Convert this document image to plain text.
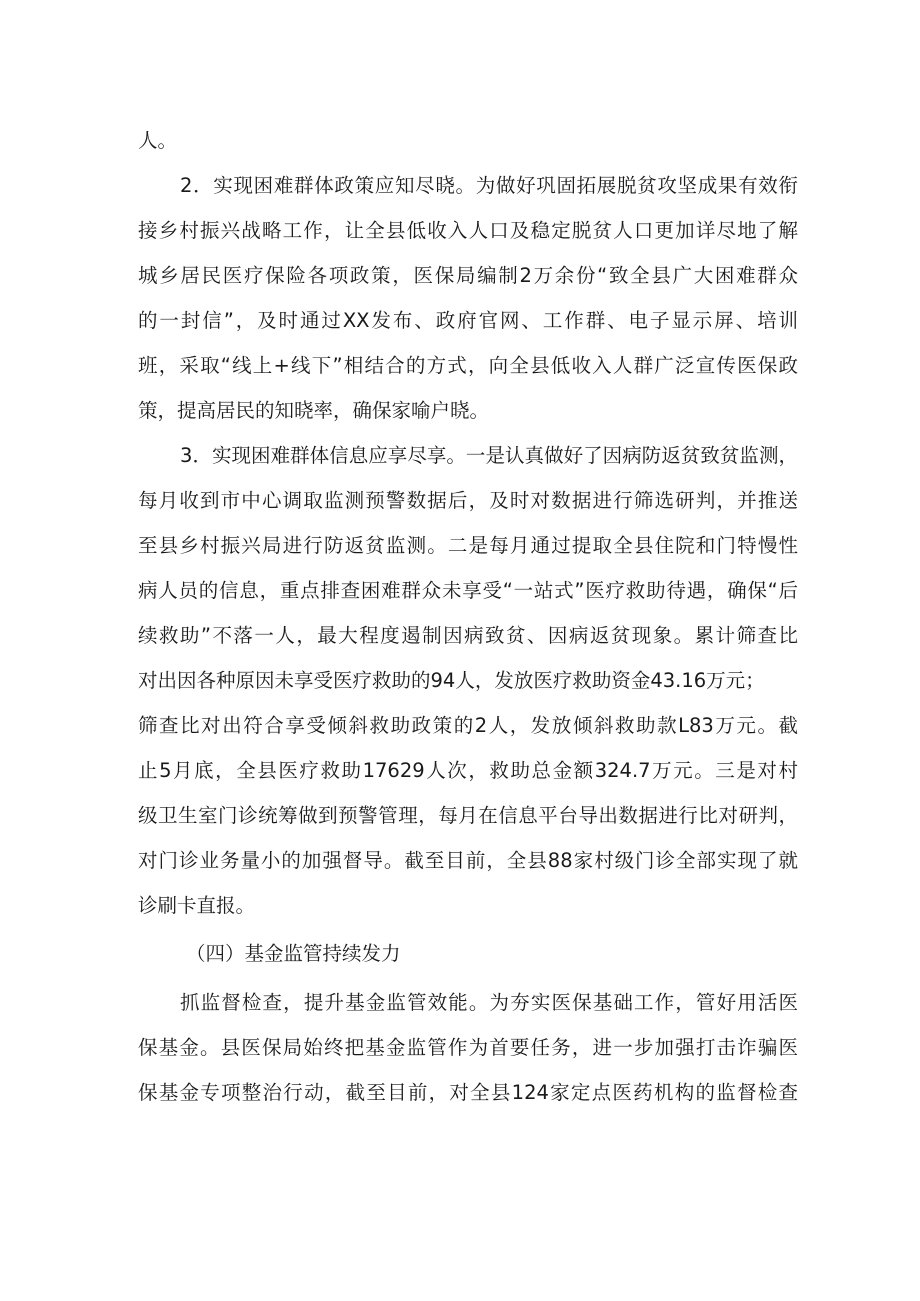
人。
2．实现困难群体政策应知尽晓。为做好巩固拓展脱贫攻坚成果有效衔
接乡村振兴战略工作，让全县低收入人口及稳定脱贫人口更加详尽地了解
城乡居民医疗保险各项政策，医保局编制2万余份“致全县广大困难群众
的一封信”，及时通过XX发布、政府官网、工作群、电子显示屏、培训
班，采取“线上+线下”相结合的方式，向全县低收入人群广泛宣传医保政
策，提高居民的知晓率，确保家喻户晓。
3．实现困难群体信息应享尽享。一是认真做好了因病防返贫致贫监测，
每月收到市中心调取监测预警数据后，及时对数据进行筛选研判，并推送
至县乡村振兴局进行防返贫监测。二是每月通过提取全县住院和门特慢性
病人员的信息，重点排查困难群众未享受“一站式”医疗救助待遇，确保“后
续救助”不落一人，最大程度遏制因病致贫、因病返贫现象。累计筛查比
对出因各种原因未享受医疗救助的94人，发放医疗救助资金43.16万元；
筛查比对出符合享受倾斜救助政策的2人，发放倾斜救助款L83万元。截
止5月底，全县医疗救助17629人次，救助总金额324.7万元。三是对村
级卫生室门诊统筹做到预警管理，每月在信息平台导出数据进行比对研判，
对门诊业务量小的加强督导。截至目前，全县88家村级门诊全部实现了就
诊刷卡直报。
（四）基金监管持续发力
抓监督检查，提升基金监管效能。为夯实医保基础工作，管好用活医
保基金。县医保局始终把基金监管作为首要任务，进一步加强打击诈骗医
保基金专项整治行动，截至目前，对全县124家定点医药机构的监督检查
